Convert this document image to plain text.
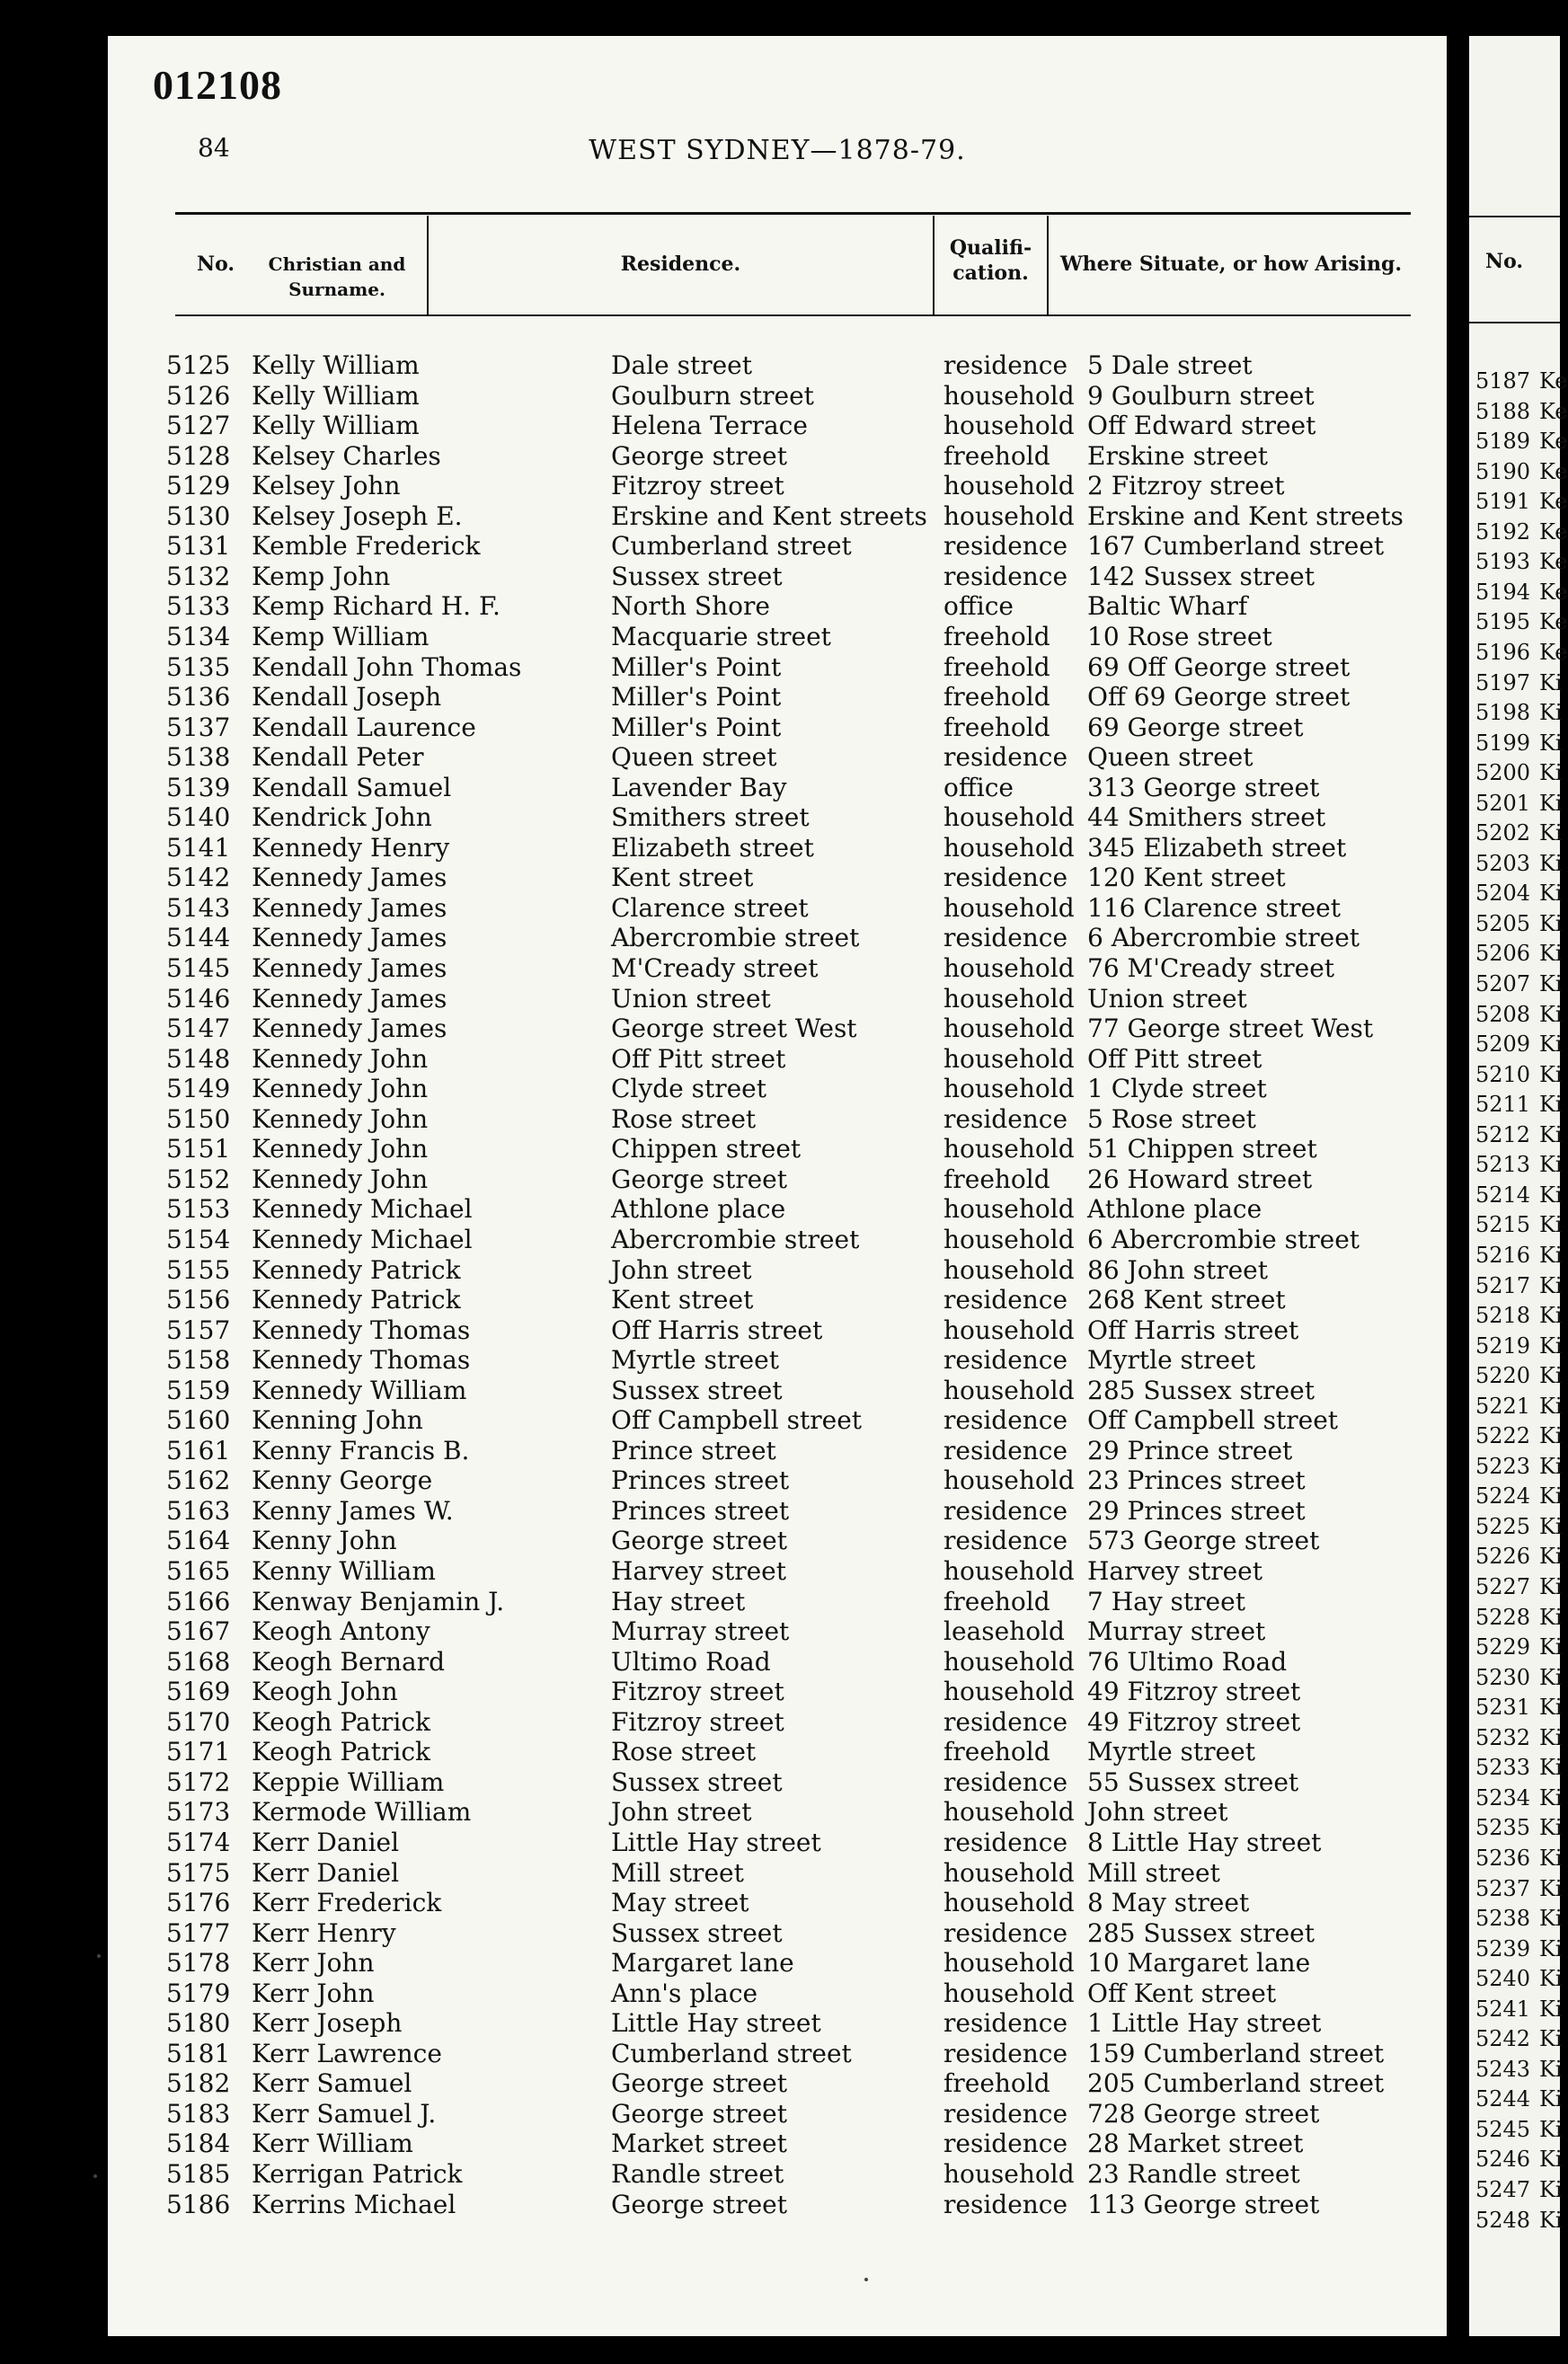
012108
84	WEST SYDNEY—1878-79.
No.	Christian and Surname.
Residence.
Qualifi-
cation.	Where Situate, or how Arising.
5125 Kelly William	Dale street	residence 5 Dale street
5126 Kelly William	Goulburn street	household 9 Goulburn street
5127 Kelly William	Helena Terrace	household Off Edward street
5128 Kelsey Charles	George street	freehold Erskine street
5129 Kelsey John	Fitzroy street	household 2 Fitzroy street
5130 Kelsey Joseph E.	Erskine and Kent streets household Erskine and Kent streets
5131 Kemble Frederick	Cumberland street	residence 167 Cumberland street
5132 Kemp John	Sussex street	residence 142 Sussex street
5133 Kemp Richard H. F.	North Shore	office	Baltic Wharf
5134 Kemp William	Macquarie street	freehold 10 Rose street
5135 Kendall John Thomas	Miller's Point	freehold 69 Off George street
5136 Kendall Joseph	Miller's Point	freehold Off 69 George street
5137 Kendall Laurence	Miller's Point	freehold 69 George street
5138 Kendall Peter	Queen street	residence Queen street
5139 Kendall Samuel	Lavender Bay	office	313 George street
5140 Kendrick John	Smithers street	household 44 Smithers street
5141 Kennedy Henry	Elizabeth street	household 345 Elizabeth street
5142 Kennedy James	Kent street	residence 120 Kent street
5143 Kennedy James	Clarence street	household 116 Clarence street
5144 Kennedy James	Abercrombie street	residence 6 Abercrombie street
5145 Kennedy James	M'Cready street	household 76 M'Cready street
5146 Kennedy James	Union street	household Union street
5147 Kennedy James	George street West	household 77 George street West
5148 Kennedy John	Off Pitt street	household Off Pitt street
5149 Kennedy John	Clyde street	household 1 Clyde street
5150 Kennedy John	Rose street	residence 5 Rose street
5151 Kennedy John	Chippen street	household 51 Chippen street
5152 Kennedy John	George street	freehold 26 Howard street
5153 Kennedy Michael	Athlone place	household Athlone place
5154 Kennedy Michael	Abercrombie street	household 6 Abercrombie street
5155 Kennedy Patrick	John street	household 86 John street
5156 Kennedy Patrick	Kent street	residence 268 Kent street
5157 Kennedy Thomas	Off Harris street	household Off Harris street
5158 Kennedy Thomas	Myrtle street	residence Myrtle street
5159 Kennedy William	Sussex street	household 285 Sussex street
5160 Kenning John	Off Campbell street	residence Off Campbell street
5161 Kenny Francis B.	Prince street	residence 29 Prince street
5162 Kenny George	Princes street	household 23 Princes street
5163 Kenny James W.	Princes street	residence 29 Princes street
5164 Kenny John	George street	residence 573 George street
5165 Kenny William	Harvey street	household Harvey street
5166 Kenway Benjamin J.	Hay street	freehold 7 Hay street
5167 Keogh Antony	Murray street	leasehold Murray street
5168 Keogh Bernard	Ultimo Road	household 76 Ultimo Road
5169 Keogh John	Fitzroy street	household 49 Fitzroy street
5170 Keogh Patrick	Fitzroy street	residence 49 Fitzroy street
5171 Keogh Patrick	Rose street	freehold Myrtle street
5172 Keppie William	Sussex street	residence 55 Sussex street
5173 Kermode William	John street	household John street
5174 Kerr Daniel	Little Hay street	residence 8 Little Hay street
5175 Kerr Daniel	Mill street	household Mill street
5176 Kerr Frederick	May street	household 8 May street
5177 Kerr Henry	Sussex street	residence 285 Sussex street
5178 Kerr John	Margaret lane	household 10 Margaret lane
5179 Kerr John	Ann's place	household Off Kent street
5180 Kerr Joseph	Little Hay street	residence 1 Little Hay street
5181 Kerr Lawrence	Cumberland street	residence 159 Cumberland street
5182 Kerr Samuel	George street	freehold 205 Cumberland street
5183 Kerr Samuel J.	George street	residence 728 George street
5184 Kerr William	Market street	residence 28 Market street
5185 Kerrigan Patrick	Randle street	household 23 Randle street
5186 Kerrins Michael	George street	residence 113 George street
No.
5187 Ke
5188 Ke
5189 Ke
5190 Ke
5191 Ke
5192 Ke
5193 Ke
5194 Ke
5195 Ke
5196 Ke
5197 Ki
5198 Ki
5199 Ki
5200 Ki
5201 Ki
5202 Ki
5203 Ki
5204 Ki
5205 Ki
5206 Ki
5207 Ki
5208 Ki
5209 Ki
5210 Ki
5211 Ki
5212 Ki
5213 Ki
5214 Ki
5215 Ki
5216 Ki
5217 Ki
5218 Ki
5219 Ki
5220 Ki
5221 Ki
5222 Ki
5223 Ki
5224 Ki
5225 Ki
5226 Ki
5227 Ki
5228 Ki
5229 Ki
5230 Ki
5231 Ki
5232 Ki
5233 Ki
5234 Ki
5235 Ki
5236 Ki
5237 Ki
5238 Ki
5239 Ki
5240 Ki
5241 Ki
5242 Ki
5243 Ki
5244 Ki
5245 Ki
5246 Ki
5247 Ki
5248 Ki
